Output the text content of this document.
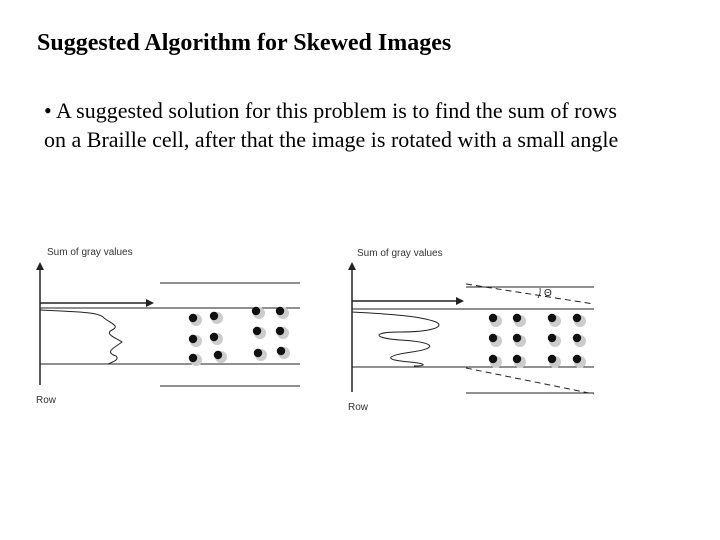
Suggested Algorithm for Skewed Images
• A suggested solution for this problem is to find the sum of rows
on a Braille cell, after that the image is rotated with a small angle
Sum of gray values
Row
Sum of gray values
Row
Θ
